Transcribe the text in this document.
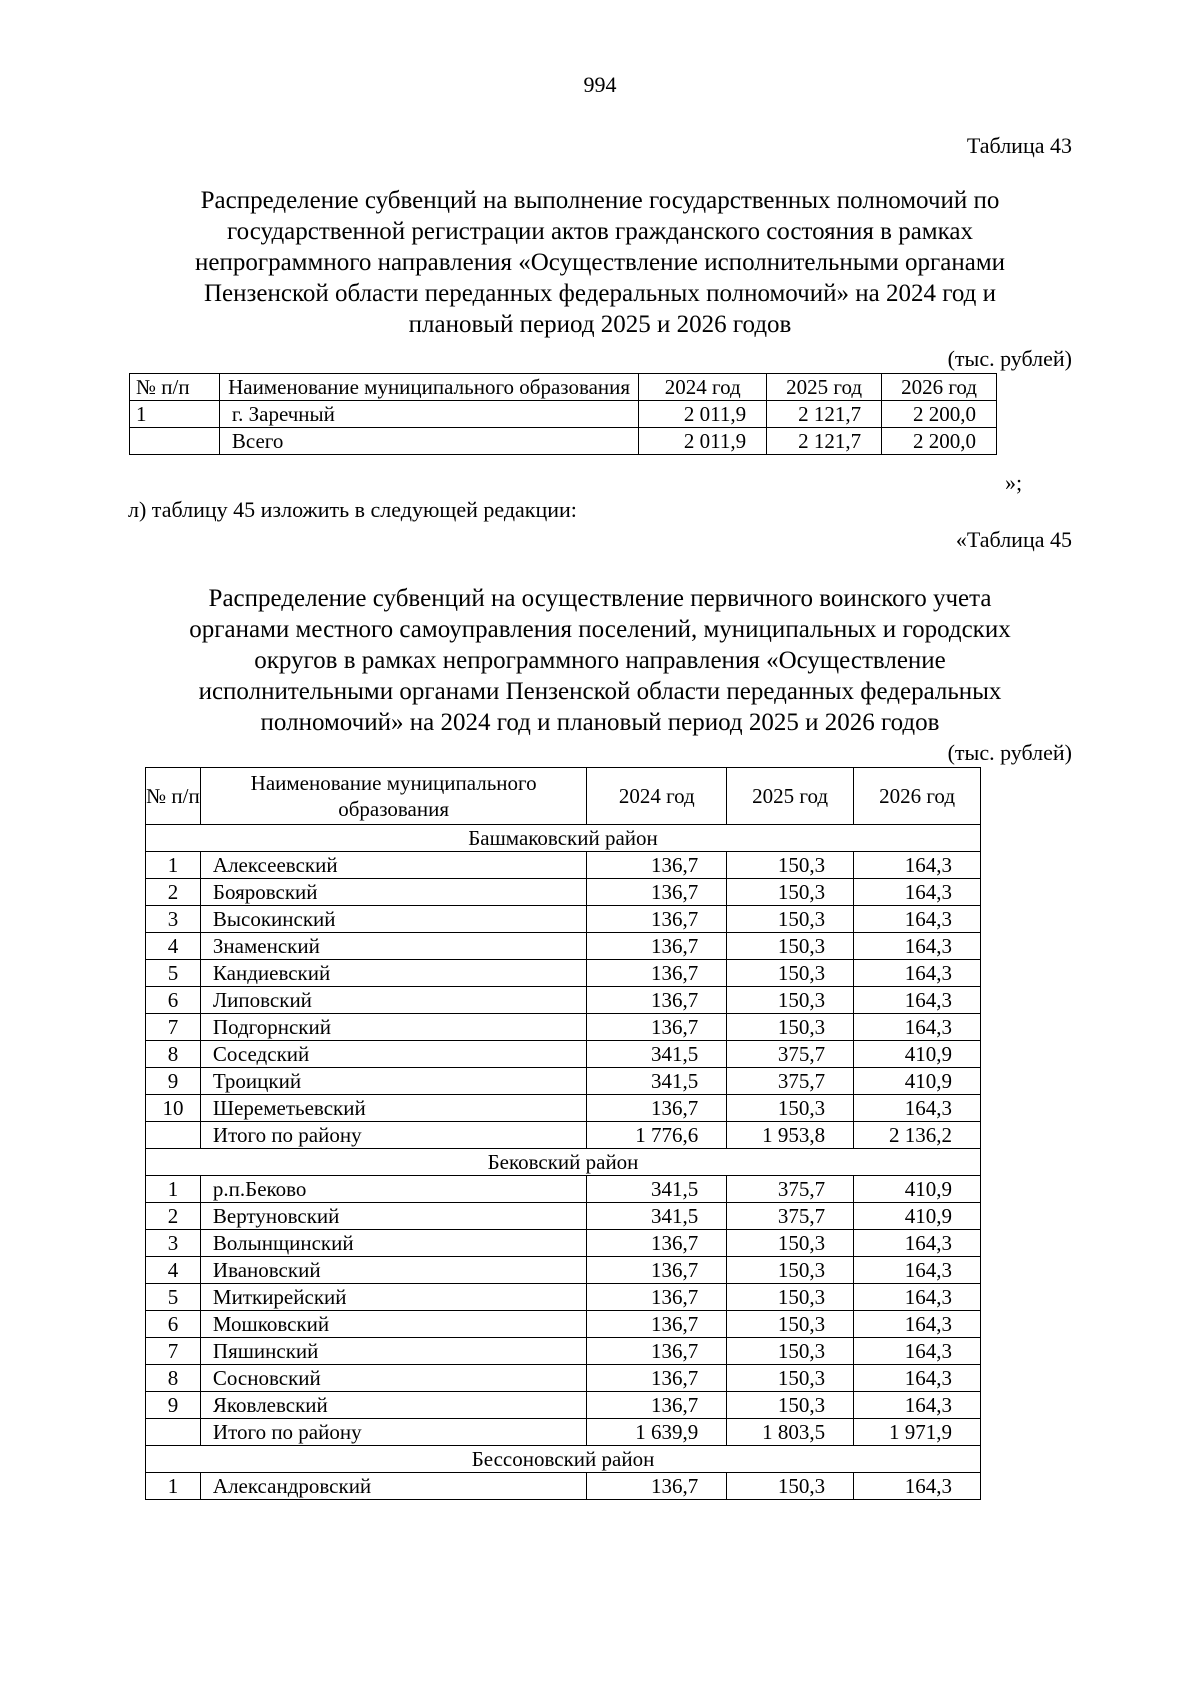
994
Таблица 43
Распределение субвенций на выполнение государственных полномочий по
государственной регистрации актов гражданского состояния в рамках
непрограммного направления «Осуществление исполнительными органами
Пензенской области переданных федеральных полномочий» на 2024 год и
плановый период 2025 и 2026 годов
(тыс. рублей)
№ п/п	Наименование муниципального образования	2024 год	2025 год	2026 год
1	г. Заречный	2 011,9	2 121,7	2 200,0
	Всего	2 011,9	2 121,7	2 200,0
»;
л) таблицу 45 изложить в следующей редакции:
«Таблица 45
Распределение субвенций на осуществление первичного воинского учета
органами местного самоуправления поселений, муниципальных и городских
округов в рамках непрограммного направления «Осуществление
исполнительными органами Пензенской области переданных федеральных
полномочий» на 2024 год и плановый период 2025 и 2026 годов
(тыс. рублей)
№ п/п	Наименование муниципального образования	2024 год	2025 год	2026 год
Башмаковский район				
1	Алексеевский	136,7	150,3	164,3
2	Бояровский	136,7	150,3	164,3
3	Высокинский	136,7	150,3	164,3
4	Знаменский	136,7	150,3	164,3
5	Кандиевский	136,7	150,3	164,3
6	Липовский	136,7	150,3	164,3
7	Подгорнский	136,7	150,3	164,3
8	Соседский	341,5	375,7	410,9
9	Троицкий	341,5	375,7	410,9
10	Шереметьевский	136,7	150,3	164,3
	Итого по району	1 776,6	1 953,8	2 136,2
Бековский район				
1	р.п.Беково	341,5	375,7	410,9
2	Вертуновский	341,5	375,7	410,9
3	Волынщинский	136,7	150,3	164,3
4	Ивановский	136,7	150,3	164,3
5	Миткирейский	136,7	150,3	164,3
6	Мошковский	136,7	150,3	164,3
7	Пяшинский	136,7	150,3	164,3
8	Сосновский	136,7	150,3	164,3
9	Яковлевский	136,7	150,3	164,3
	Итого по району	1 639,9	1 803,5	1 971,9
Бессоновский район				
1	Александровский	136,7	150,3	164,3
